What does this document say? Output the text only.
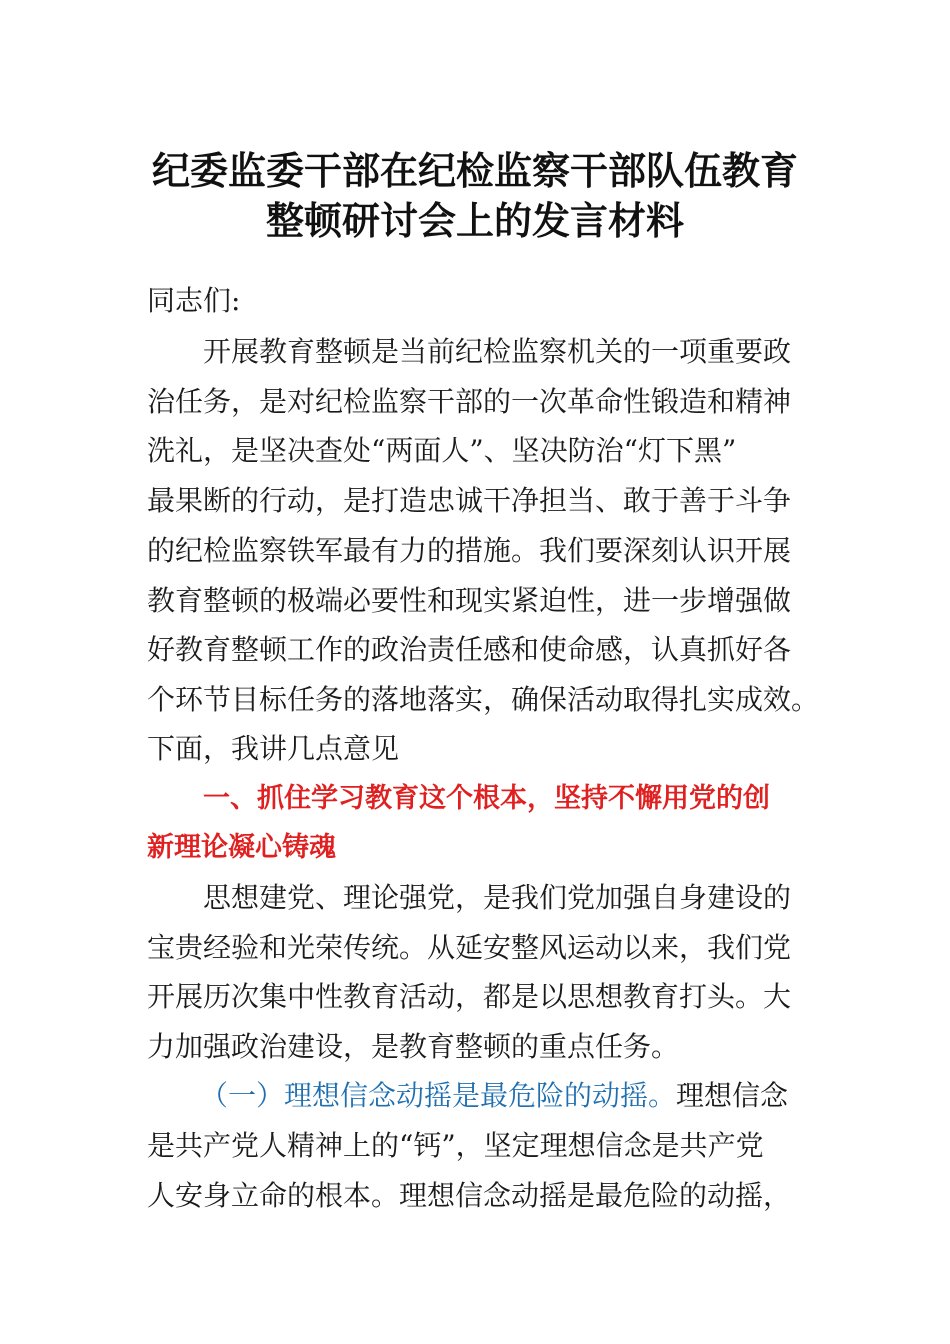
纪委监委干部在纪检监察干部队伍教育
整顿研讨会上的发言材料
同志们:
开展教育整顿是当前纪检监察机关的一项重要政
治任务，是对纪检监察干部的一次革命性锻造和精神
洗礼，是坚决查处“两面人”、坚决防治“灯下黑”
最果断的行动，是打造忠诚干净担当、敢于善于斗争
的纪检监察铁军最有力的措施。我们要深刻认识开展
教育整顿的极端必要性和现实紧迫性，进一步增强做
好教育整顿工作的政治责任感和使命感，认真抓好各
个环节目标任务的落地落实，确保活动取得扎实成效。
下面，我讲几点意见
一、抓住学习教育这个根本，坚持不懈用党的创
新理论凝心铸魂
思想建党、理论强党，是我们党加强自身建设的
宝贵经验和光荣传统。从延安整风运动以来，我们党
开展历次集中性教育活动，都是以思想教育打头。大
力加强政治建设，是教育整顿的重点任务。
（一）理想信念动摇是最危险的动摇。理想信念
是共产党人精神上的“钙”，坚定理想信念是共产党
人安身立命的根本。理想信念动摇是最危险的动摇，
